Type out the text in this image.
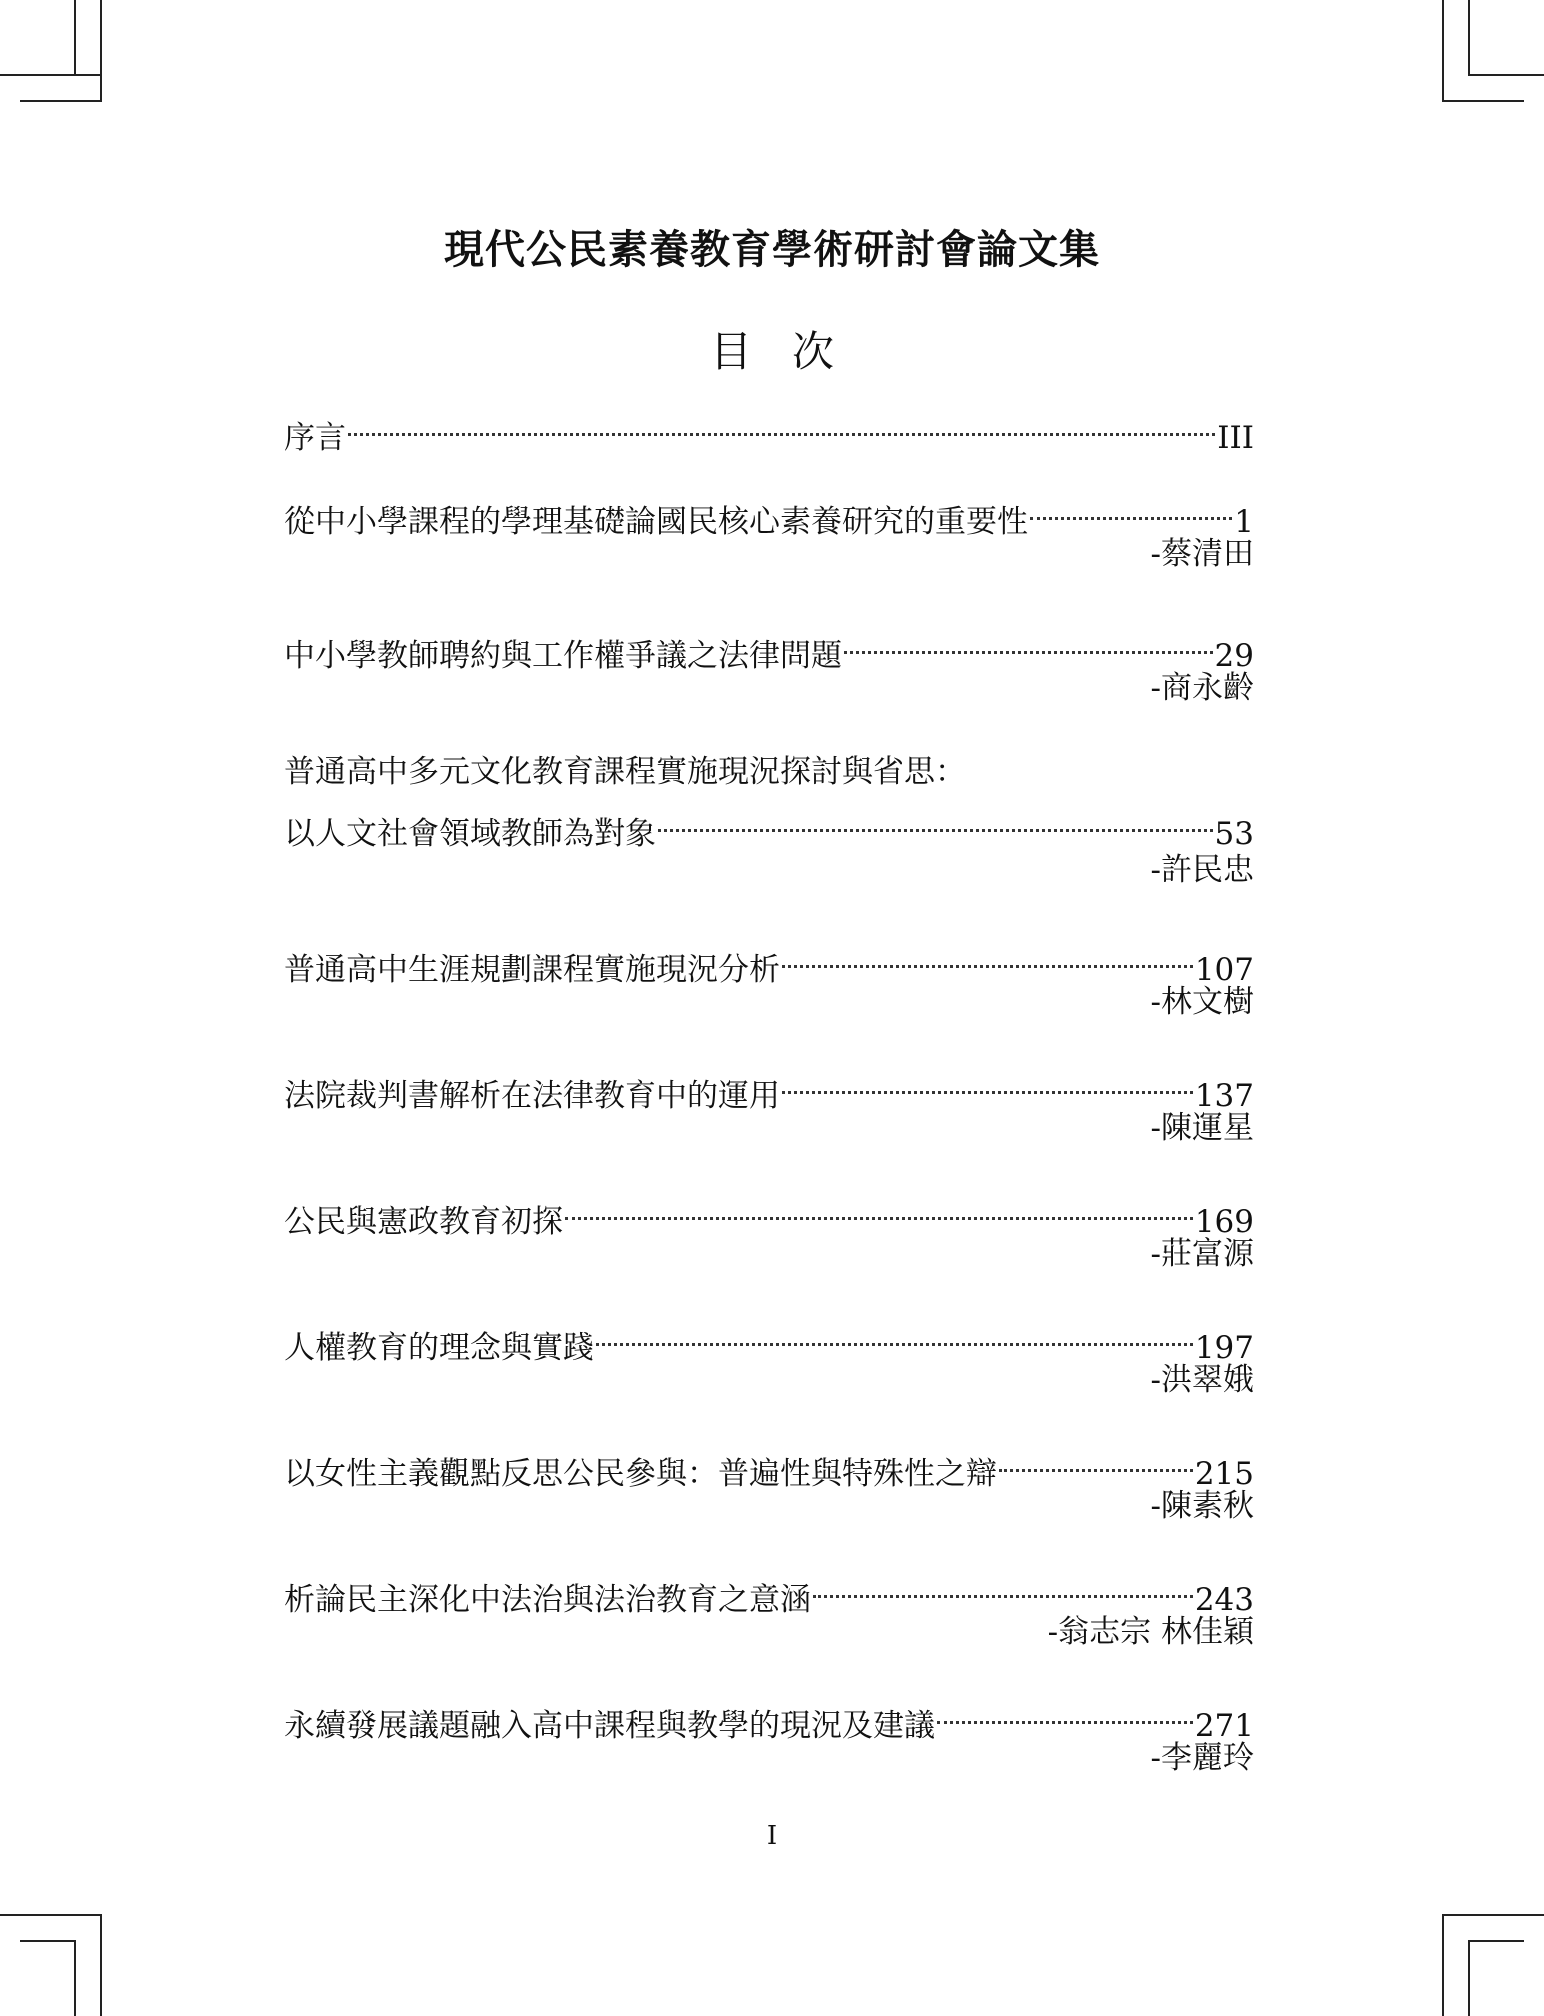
現代公民素養教育學術研討會論文集
目次
序言	III
從中小學課程的學理基礎論國民核心素養研究的重要性	1
-蔡清田
中小學教師聘約與工作權爭議之法律問題	29
-商永齡
普通高中多元文化教育課程實施現況探討與省思：
以人文社會領域教師為對象	53
-許民忠
普通高中生涯規劃課程實施現況分析	107
-林文樹
法院裁判書解析在法律教育中的運用	137
-陳運星
公民與憲政教育初探	169
-莊富源
人權教育的理念與實踐	197
-洪翠娥
以女性主義觀點反思公民參與：普遍性與特殊性之辯	215
-陳素秋
析論民主深化中法治與法治教育之意涵	243
-翁志宗 林佳穎
永續發展議題融入高中課程與教學的現況及建議	271
-李麗玲
I
